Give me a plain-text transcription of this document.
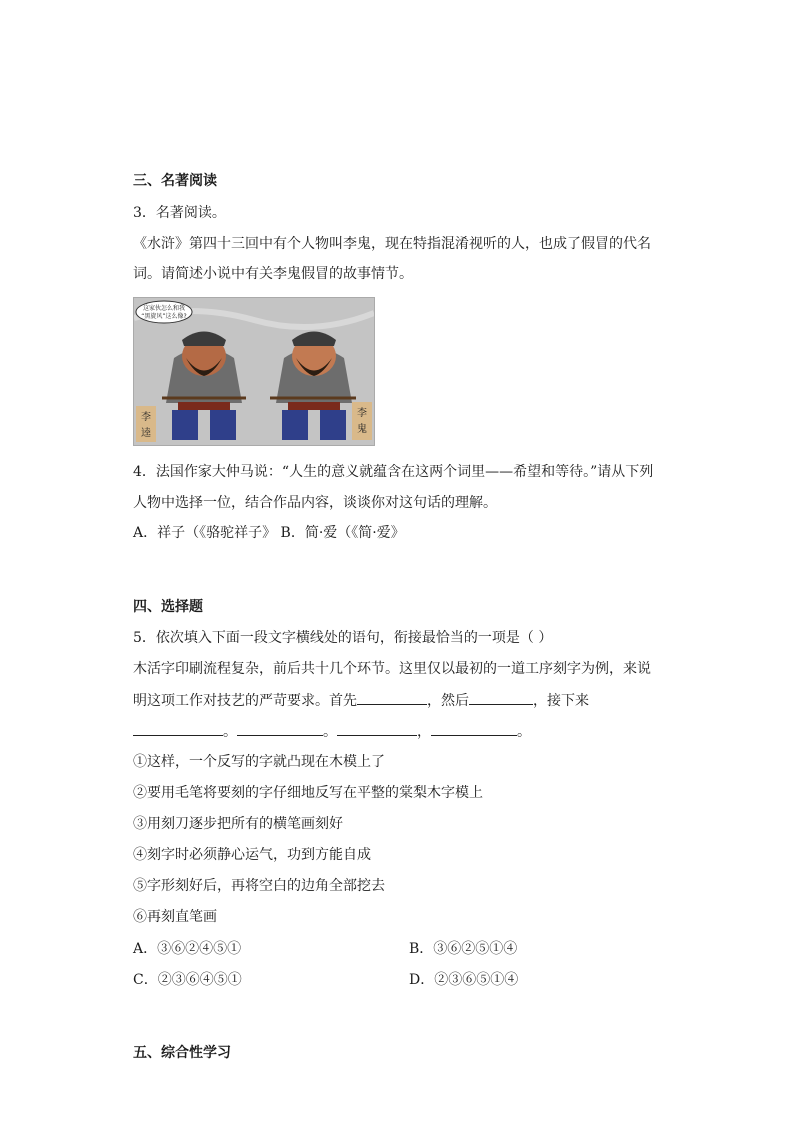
三、名著阅读
3．名著阅读。
《水浒》第四十三回中有个人物叫李鬼，现在特指混淆视听的人，也成了假冒的代名
词。请简述小说中有关李鬼假冒的故事情节。
这家伙怎么和我
“黑旋风”这么像?
李
逵
李
鬼
4．法国作家大仲马说：“人生的意义就蕴含在这两个词里——希望和等待。”请从下列
人物中选择一位，结合作品内容，谈谈你对这句话的理解。
A．祥子（《骆驼祥子》 B．简·爱（《简·爱》
四、选择题
5．依次填入下面一段文字横线处的语句，衔接最恰当的一项是（ ）
木活字印刷流程复杂，前后共十几个环节。这里仅以最初的一道工序刻字为例，来说
明这项工作对技艺的严苛要求。首先	，然后	，接下来
。	。	，	。
①这样，一个反写的字就凸现在木模上了
②要用毛笔将要刻的字仔细地反写在平整的棠梨木字模上
③用刻刀逐步把所有的横笔画刻好
④刻字时必须静心运气，功到方能自成
⑤字形刻好后，再将空白的边角全部挖去
⑥再刻直笔画
A．③⑥②④⑤①	B．③⑥②⑤①④
C．②③⑥④⑤①	D．②③⑥⑤①④
五、综合性学习
